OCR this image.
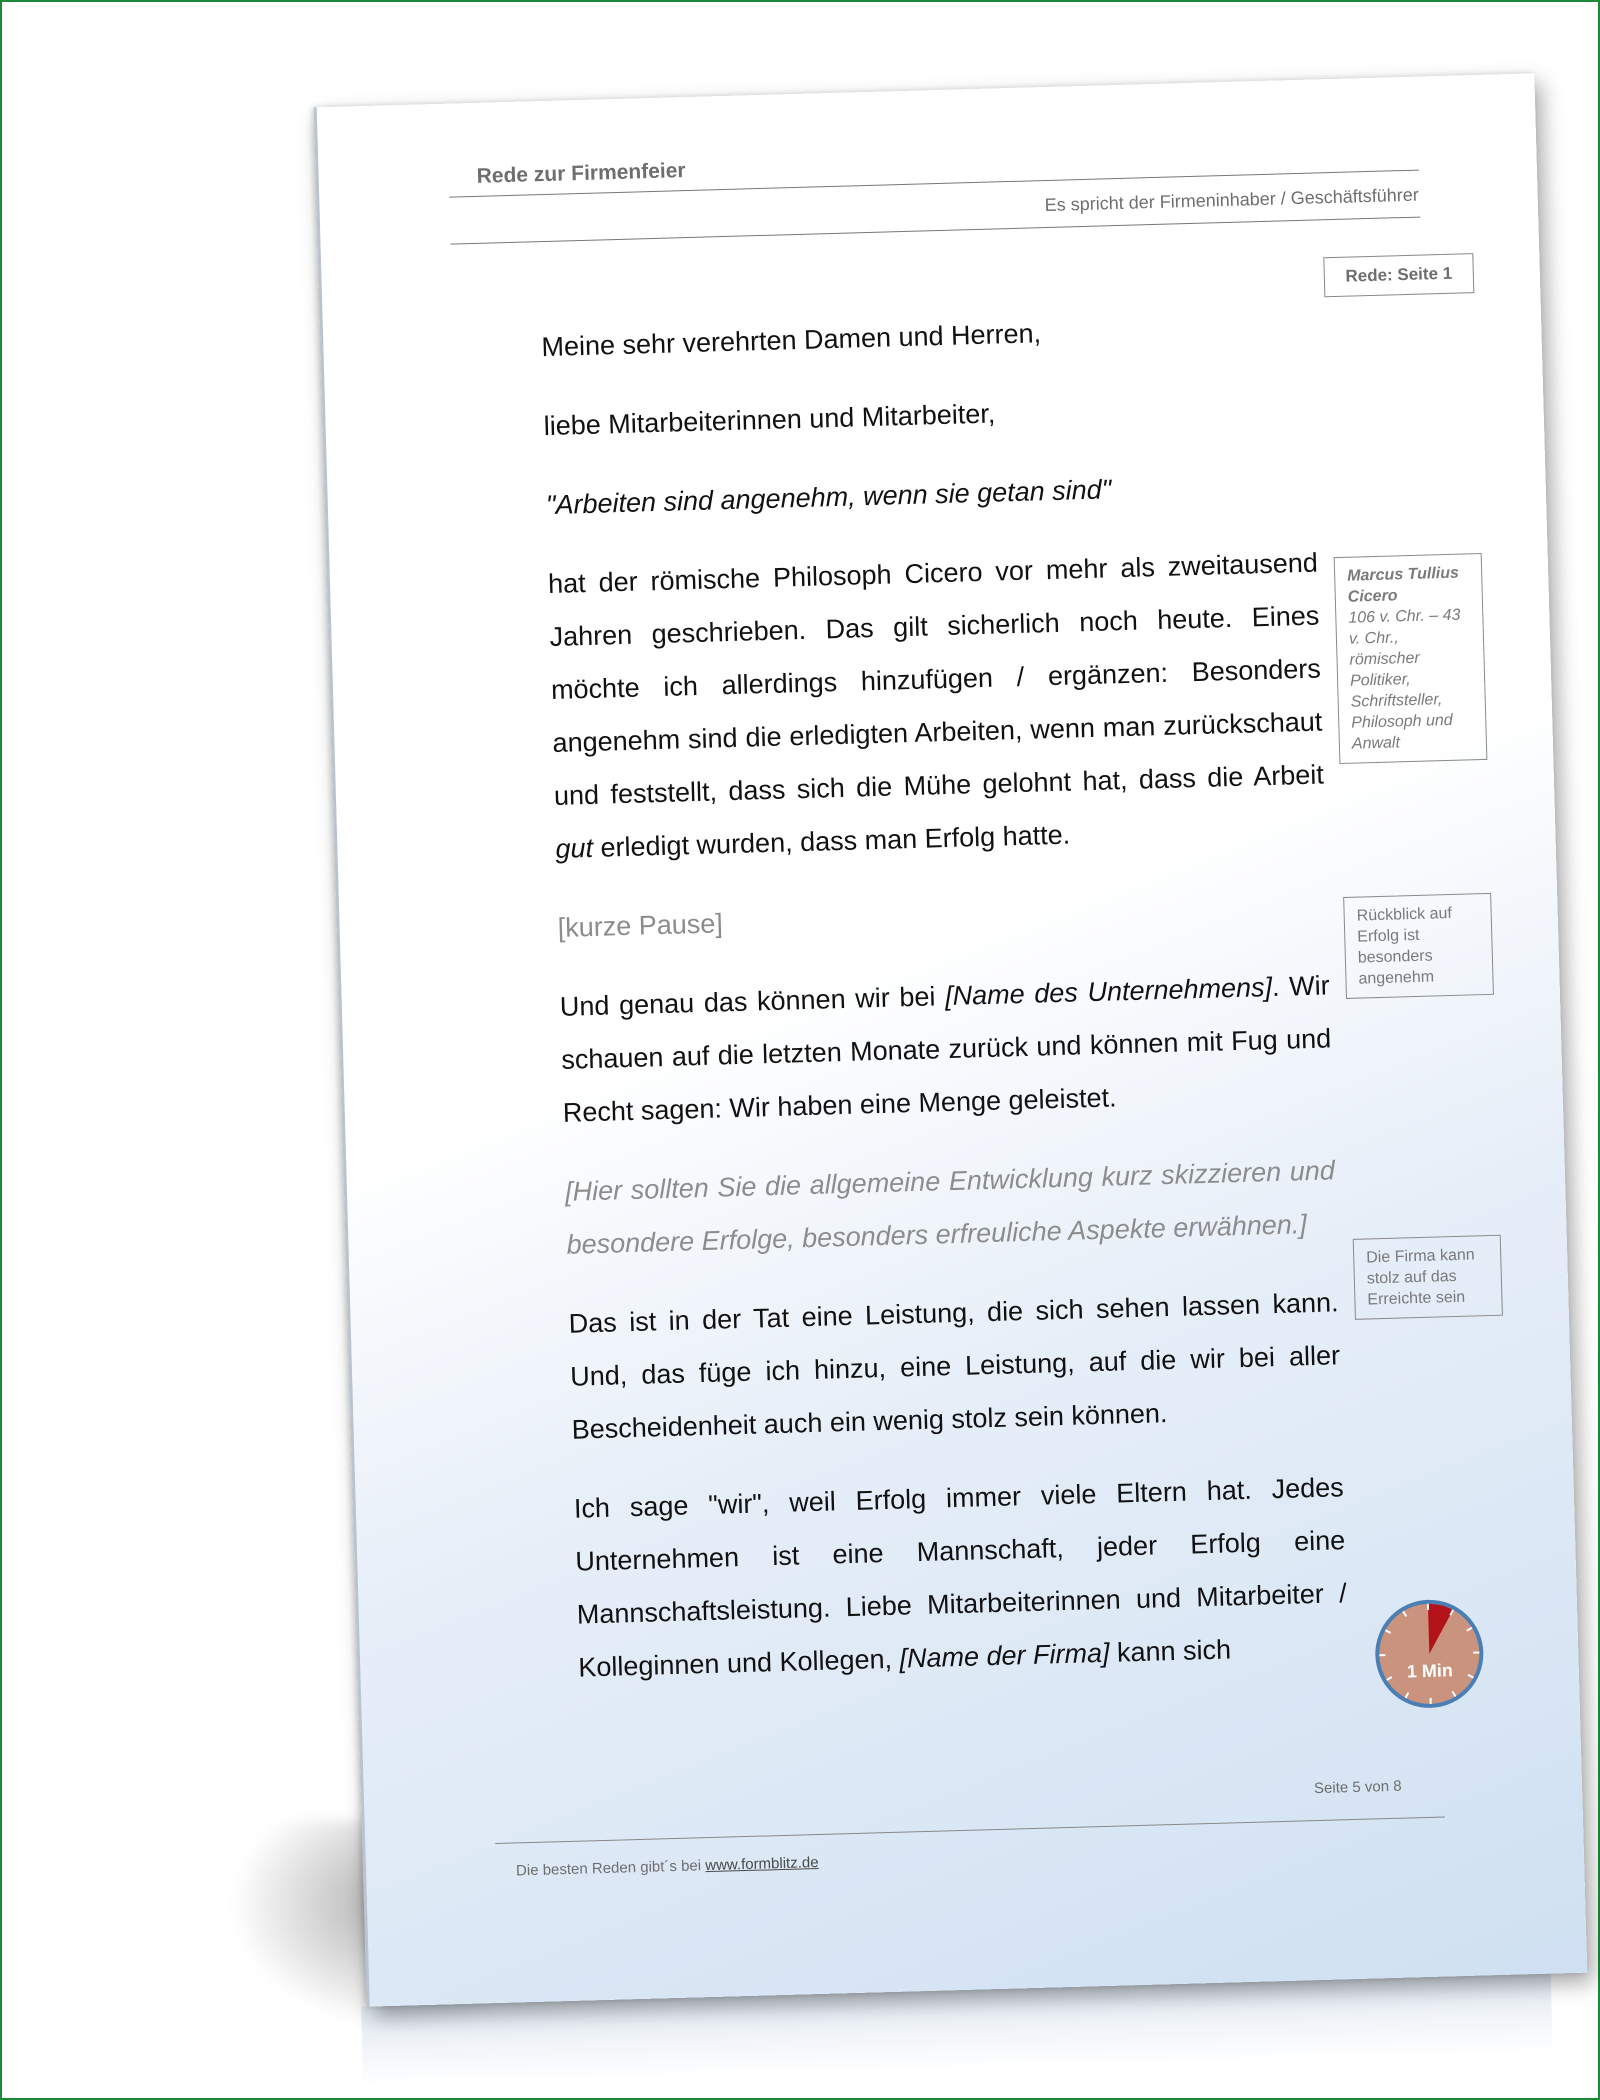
Rede zur Firmenfeier
Es spricht der Firmeninhaber / Geschäftsführer
Rede: Seite 1

Meine sehr verehrten Damen und Herren,

liebe Mitarbeiterinnen und Mitarbeiter,

"Arbeiten sind angenehm, wenn sie getan sind"

hat der römische Philosoph Cicero vor mehr als zweitausend Jahren geschrieben. Das gilt sicherlich noch heute. Eines möchte ich allerdings hinzufügen / ergänzen: Besonders angenehm sind die erledigten Arbeiten, wenn man zurückschaut und feststellt, dass sich die Mühe gelohnt hat, dass die Arbeit gut erledigt wurden, dass man Erfolg hatte.

[kurze Pause]

Und genau das können wir bei [Name des Unternehmens]. Wir schauen auf die letzten Monate zurück und können mit Fug und Recht sagen: Wir haben eine Menge geleistet.

[Hier sollten Sie die allgemeine Entwicklung kurz skizzieren und besondere Erfolge, besonders erfreuliche Aspekte erwähnen.]

Das ist in der Tat eine Leistung, die sich sehen lassen kann. Und, das füge ich hinzu, eine Leistung, auf die wir bei aller Bescheidenheit auch ein wenig stolz sein können.

Ich sage "wir", weil Erfolg immer viele Eltern hat. Jedes Unternehmen ist eine Mannschaft, jeder Erfolg eine Mannschaftsleistung. Liebe Mitarbeiterinnen und Mitarbeiter / Kolleginnen und Kollegen, [Name der Firma] kann sich

Marcus Tullius Cicero
106 v. Chr. – 43 v. Chr., römischer Politiker, Schriftsteller, Philosoph und Anwalt
Rückblick auf Erfolg ist besonders angenehm
Die Firma kann stolz auf das Erreichte sein
1 Min
Seite 5 von 8
Die besten Reden gibt´s bei www.formblitz.de
